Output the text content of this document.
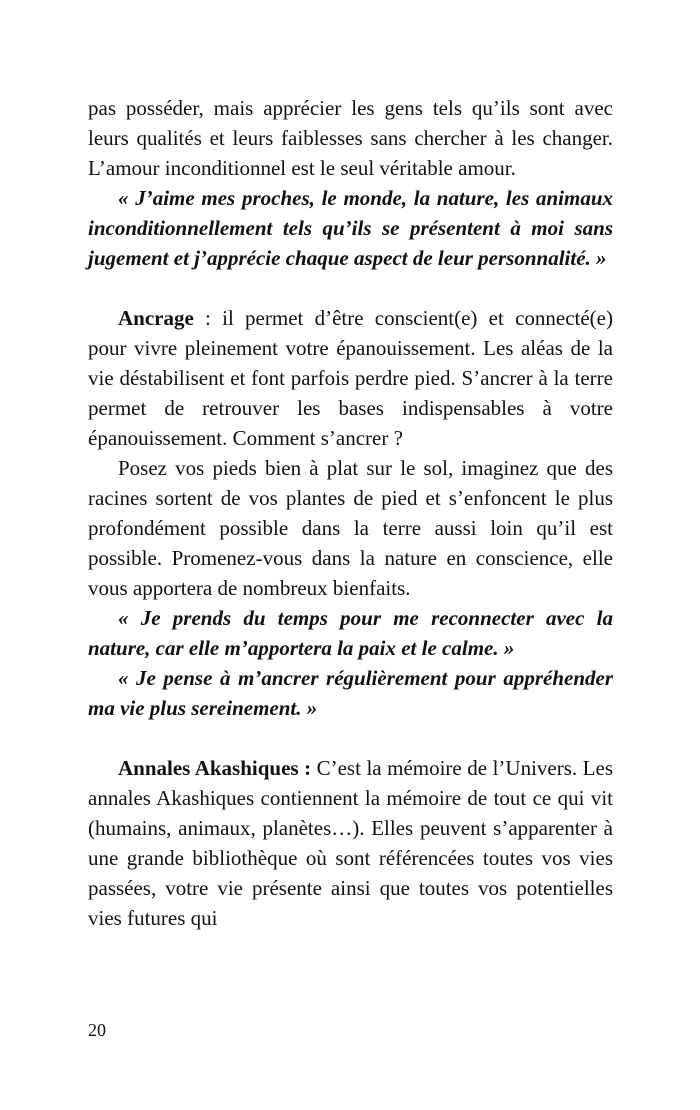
pas posséder, mais apprécier les gens tels qu’ils sont avec leurs qualités et leurs faiblesses sans chercher à les changer. L’amour inconditionnel est le seul véritable amour.

« J’aime mes proches, le monde, la nature, les animaux inconditionnellement tels qu’ils se présentent à moi sans jugement et j’apprécie chaque aspect de leur personnalité. »

Ancrage : il permet d’être conscient(e) et connecté(e) pour vivre pleinement votre épanouissement. Les aléas de la vie déstabilisent et font parfois perdre pied. S’ancrer à la terre permet de retrouver les bases indispensables à votre épanouissement. Comment s’ancrer ?

Posez vos pieds bien à plat sur le sol, imaginez que des racines sortent de vos plantes de pied et s’enfoncent le plus profondément possible dans la terre aussi loin qu’il est possible. Promenez-vous dans la nature en conscience, elle vous apportera de nombreux bienfaits.

« Je prends du temps pour me reconnecter avec la nature, car elle m’apportera la paix et le calme. »

« Je pense à m’ancrer régulièrement pour appréhender ma vie plus sereinement. »

Annales Akashiques : C’est la mémoire de l’Univers. Les annales Akashiques contiennent la mémoire de tout ce qui vit (humains, animaux, planètes…). Elles peuvent s’apparenter à une grande bibliothèque où sont référencées toutes vos vies passées, votre vie présente ainsi que toutes vos potentielles vies futures qui

20
